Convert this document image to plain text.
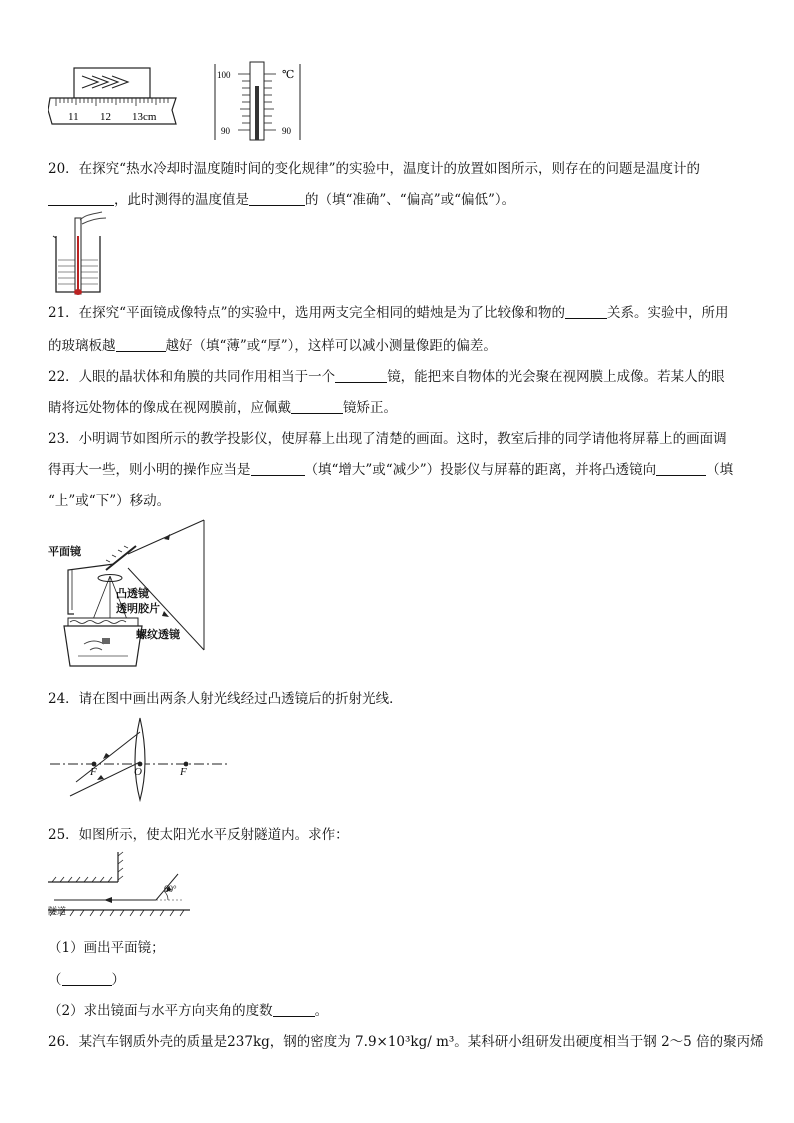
11 12 13cm
100
90	90
℃
20．在探究“热水冷却时温度随时间的变化规律”的实验中，温度计的放置如图所示，则存在的问题是温度计的
，此时测得的温度值是	的（填“准确”、“偏高”或“偏低”）。
21．在探究“平面镜成像特点”的实验中，选用两支完全相同的蜡烛是为了比较像和物的	关系。实验中，所用
的玻璃板越	越好（填“薄”或“厚”），这样可以减小测量像距的偏差。
22．人眼的晶状体和角膜的共同作用相当于一个	镜，能把来自物体的光会聚在视网膜上成像。若某人的眼
睛将远处物体的像成在视网膜前，应佩戴	镜矫正。
23．小明调节如图所示的教学投影仪，使屏幕上出现了清楚的画面。这时，教室后排的同学请他将屏幕上的画面调
得再大一些，则小明的操作应当是	（填“增大”或“减少”）投影仪与屏幕的距离，并将凸透镜向	（填
“上”或“下”）移动。
平面镜
凸透镜
透明胶片
螺纹透镜
24．请在图中画出两条人射光线经过凸透镜后的折射光线．
F	O	F
25．如图所示，使太阳光水平反射隧道内。求作：
60°
隧道
（1）画出平面镜；
（	）
（2）求出镜面与水平方向夹角的度数	。
26．某汽车钢质外壳的质量是237kg，钢的密度为 7.9×10³kg/ m³。某科研小组研发出硬度相当于钢 2～5 倍的聚丙烯
